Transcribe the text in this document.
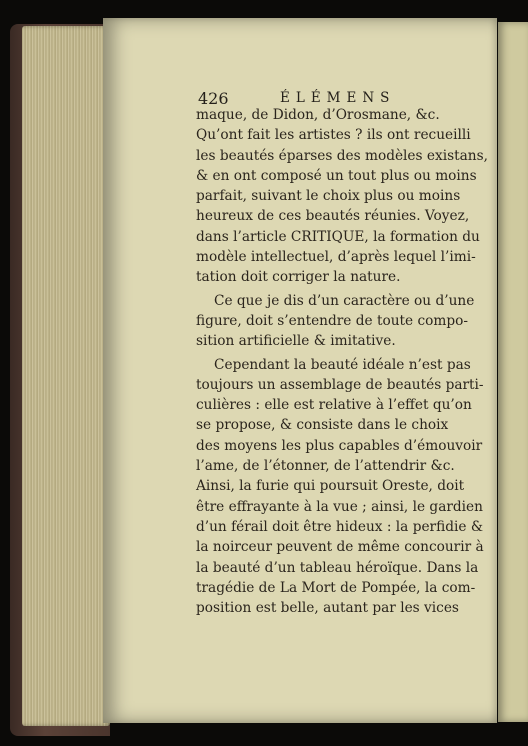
426	ÉLÉMENS
maque, de Didon, d’Orosmane, &c.
Qu’ont fait les artistes ? ils ont recueilli
les beautés éparses des modèles existans,
& en ont composé un tout plus ou moins
parfait, suivant le choix plus ou moins
heureux de ces beautés réunies. Voyez,
dans l’article CRITIQUE, la formation du
modèle intellectuel, d’après lequel l’imi-
tation doit corriger la nature.
Ce que je dis d’un caractère ou d’une
figure, doit s’entendre de toute compo-
sition artificielle & imitative.
Cependant la beauté idéale n’est pas
toujours un assemblage de beautés parti-
culières : elle est relative à l’effet qu’on
se propose, & consiste dans le choix
des moyens les plus capables d’émouvoir
l’ame, de l’étonner, de l’attendrir &c.
Ainsi, la furie qui poursuit Oreste, doit
être effrayante à la vue ; ainsi, le gardien
d’un férail doit être hideux : la perfidie &
la noirceur peuvent de même concourir à
la beauté d’un tableau héroïque. Dans la
tragédie de La Mort de Pompée, la com-
position est belle, autant par les vices
